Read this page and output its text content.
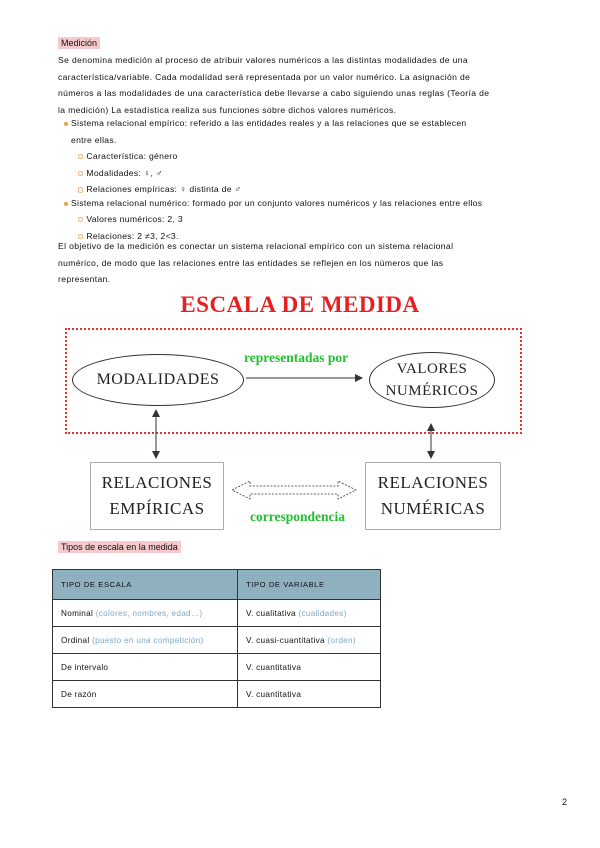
Medición
Se denomina medición al proceso de atribuir valores numéricos a las distintas modalidades de una
característica/variable. Cada modalidad será representada por un valor numérico. La asignación de
números a las modalidades de una característica debe llevarse a cabo siguiendo unas reglas (Teoría de
la medición) La estadística realiza sus funciones sobre dichos valores numéricos.
Sistema relacional empírico: referido a las entidades reales y a las relaciones que se establecen
entre ellas.
Característica: género
Modalidades: ♀, ♂
Relaciones empíricas: ♀ distinta de ♂
Sistema relacional numérico: formado por un conjunto valores numéricos y las relaciones entre ellos
Valores numéricos: 2, 3
Relaciones: 2 ≠3, 2<3.
El objetivo de la medición es conectar un sistema relacional empírico con un sistema relacional
numérico, de modo que las relaciones entre las entidades se reflejen en los números que las
representan.
ESCALA DE MEDIDA
MODALIDADES
VALORES
NUMÉRICOS
representadas por
RELACIONES
EMPÍRICAS
RELACIONES
NUMÉRICAS
correspondencia
Tipos de escala en la medida
TIPO DE ESCALA	TIPO DE VARIABLE
Nominal (colores, nombres, edad…)	V. cualitativa (cualidades)
Ordinal (puesto en una competición)	V. cuasi-cuantitativa (orden)
De intervalo	V. cuantitativa
De razón	V. cuantitativa
2
